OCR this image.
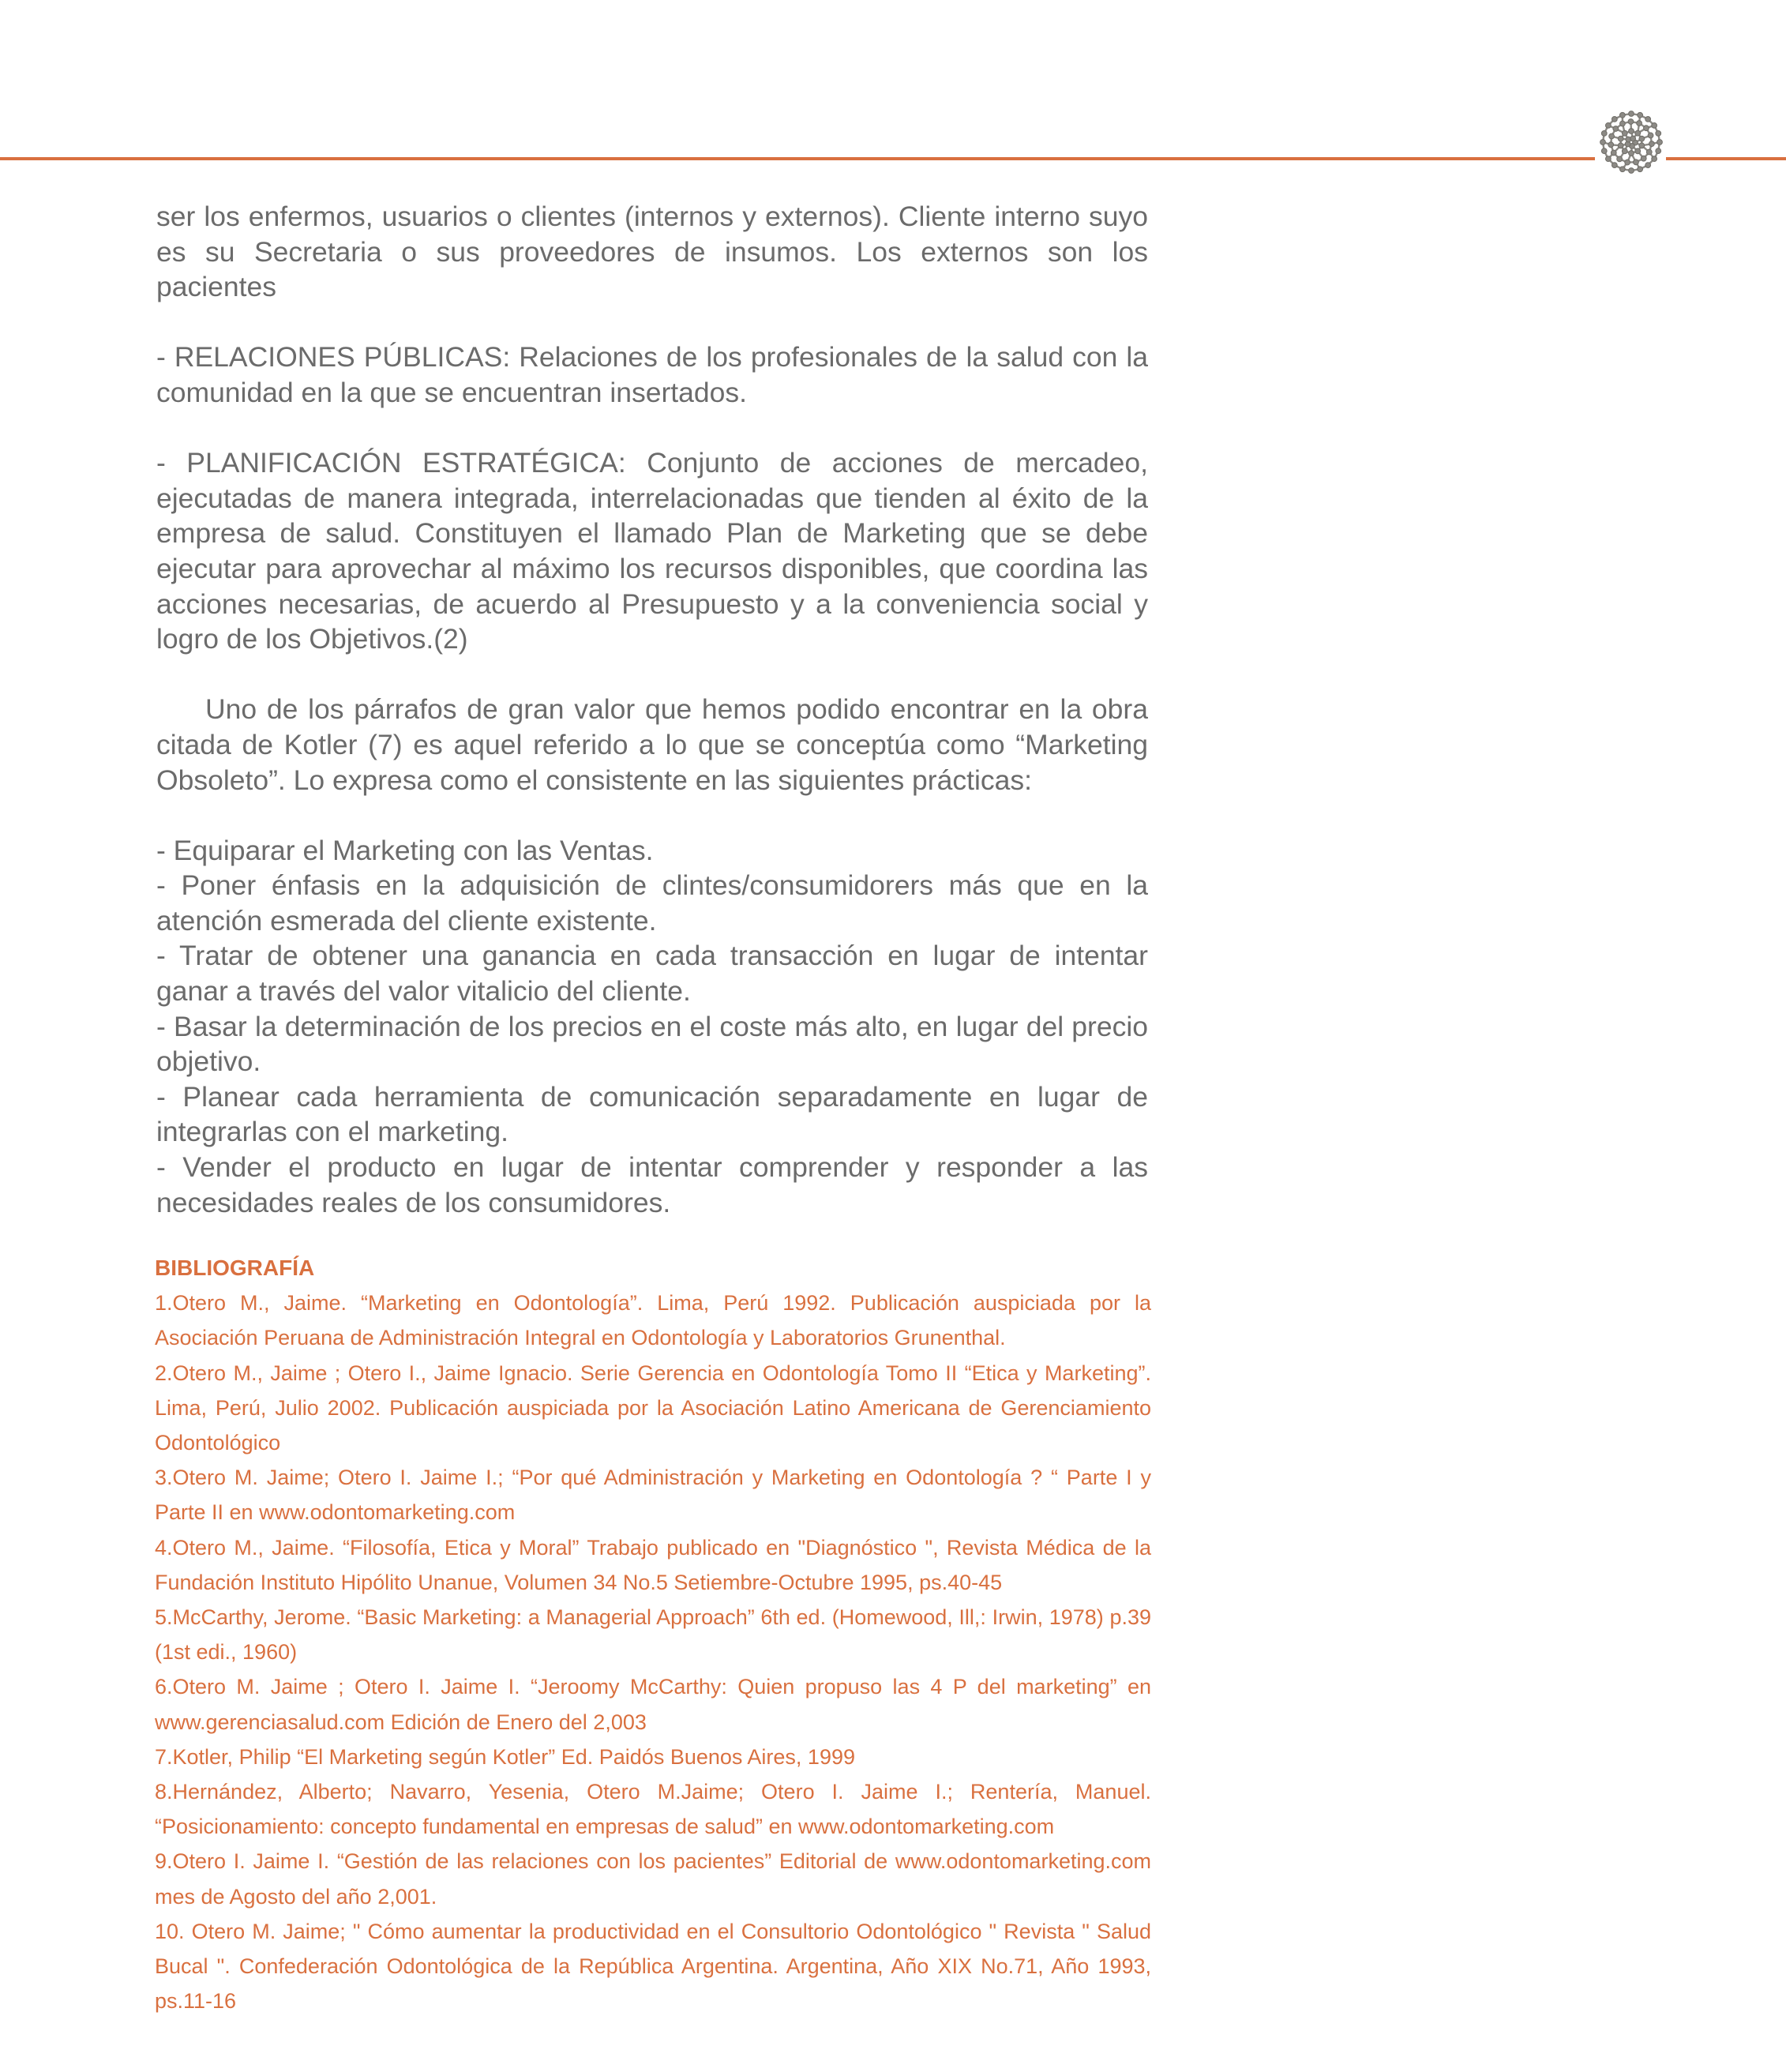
ser los enfermos, usuarios o clientes (internos y externos). Cliente interno suyo es su Secretaria o sus proveedores de insumos. Los externos son los pacientes

- RELACIONES PÚBLICAS: Relaciones de los profesionales de la salud con la comunidad en la que se encuentran insertados.

- PLANIFICACIÓN ESTRATÉGICA: Conjunto de acciones de mercadeo, ejecutadas de manera integrada, interrelacionadas que tienden al éxito de la empresa de salud. Constituyen el llamado Plan de Marketing que se debe ejecutar para aprovechar al máximo los recursos disponibles, que coordina las acciones necesarias, de acuerdo al Presupuesto y a la conveniencia social y logro de los Objetivos.(2)

Uno de los párrafos de gran valor que hemos podido encontrar en la obra citada de Kotler (7) es aquel referido a lo que se conceptúa como “Marketing Obsoleto”. Lo expresa como el consistente en las siguientes prácticas:

- Equiparar el Marketing con las Ventas.

- Poner énfasis en la adquisición de clintes/consumidorers más que en la atención esmerada del cliente existente.

- Tratar de obtener una ganancia en cada transacción en lugar de intentar ganar a través del valor vitalicio del cliente.

- Basar la determinación de los precios en el coste más alto, en lugar del precio objetivo.

- Planear cada herramienta de comunicación separadamente en lugar de integrarlas con el marketing.

- Vender el producto en lugar de intentar comprender y responder a las necesidades reales de los consumidores.

BIBLIOGRAFÍA
1.Otero M., Jaime. “Marketing en Odontología”. Lima, Perú 1992. Publicación auspiciada por la Asociación Peruana de Administración Integral en Odontología y Laboratorios Grunenthal.
2.Otero M., Jaime ; Otero I., Jaime Ignacio. Serie Gerencia en Odontología Tomo II “Etica y Marketing”. Lima, Perú, Julio 2002. Publicación auspiciada por la Asociación Latino Americana de Gerenciamiento Odontológico
3.Otero M. Jaime; Otero I. Jaime I.; “Por qué Administración y Marketing en Odontología ? “ Parte I y Parte II en www.odontomarketing.com
4.Otero M., Jaime. “Filosofía, Etica y Moral” Trabajo publicado en "Diagnóstico ", Revista Médica de la Fundación Instituto Hipólito Unanue, Volumen 34 No.5 Setiembre-Octubre 1995, ps.40-45
5.McCarthy, Jerome. “Basic Marketing: a Managerial Approach” 6th ed. (Homewood, Ill,: Irwin, 1978) p.39 (1st edi., 1960)
6.Otero M. Jaime ; Otero I. Jaime I. “Jeroomy McCarthy: Quien propuso las 4 P del marketing” en www.gerenciasalud.com Edición de Enero del 2,003
7.Kotler, Philip “El Marketing según Kotler” Ed. Paidós Buenos Aires, 1999
8.Hernández, Alberto; Navarro, Yesenia, Otero M.Jaime; Otero I. Jaime I.; Rentería, Manuel. “Posicionamiento: concepto fundamental en empresas de salud” en www.odontomarketing.com
9.Otero I. Jaime I. “Gestión de las relaciones con los pacientes” Editorial de www.odontomarketing.com mes de Agosto del año 2,001.
10. Otero M. Jaime; " Cómo aumentar la productividad en el Consultorio Odontológico " Revista " Salud Bucal ". Confederación Odontológica de la República Argentina. Argentina, Año XIX No.71, Año 1993, ps.11-16
